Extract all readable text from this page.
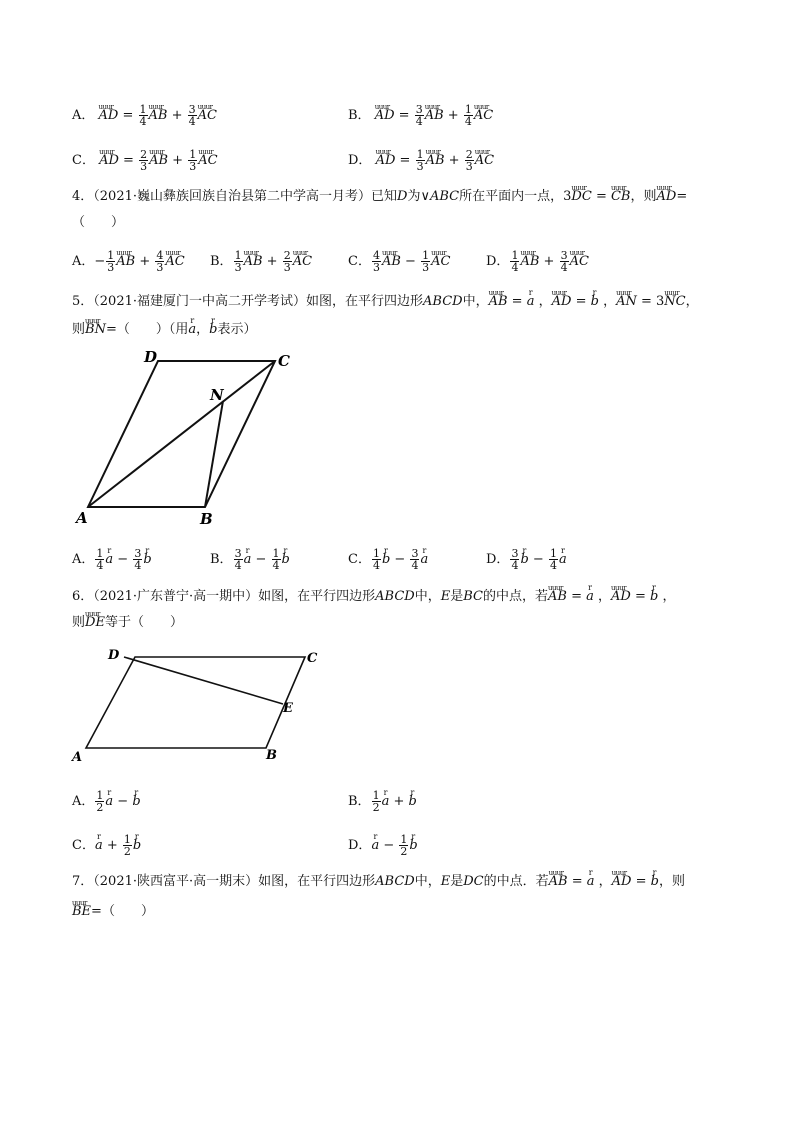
A． uuur AD = $\frac{1}{4}$ uuur AB + $\frac{3}{4}$ uuur AC	B． uuur AD = $\frac{3}{4}$ uuur AB + $\frac{1}{4}$ uuur AC
C． uuur AD = $\frac{2}{3}$ uuur AB + $\frac{1}{3}$ uuur AC	D． uuur AD = $\frac{1}{3}$ uuur AB + $\frac{2}{3}$ uuur AC
4．（2021·巍山彝族回族自治县第二中学高一月考）已知D为∨ABC所在平面内一点，3uuur DC = uuur CB，则uuur AD=
（　　）
A．− $\frac{1}{3}$ uuur AB + $\frac{4}{3}$ uuur AC B． $\frac{1}{3}$ uuur AB + $\frac{2}{3}$ uuur AC	C． $\frac{4}{3}$ uuur AB − $\frac{1}{3}$ uuur AC	D． $\frac{1}{4}$ uuur AB + $\frac{3}{4}$ uuur AC
5．（2021·福建厦门一中高二开学考试）如图，在平行四边形ABCD中，uuur AB = r a ，uuur AD = r b ，uuur AN = 3uuur NC，
则uuur BN=（　　）（用r a，r b表示）
A	B
C
D
N
A． $\frac{1}{4}$ r $a - \frac{3}{4}$ r b	B． $\frac{3}{4}$ r $a - \frac{1}{4}$ r b	C． $\frac{1}{4}$ r $b - \frac{3}{4}$ r a	D． $\frac{3}{4}$ r $b - \frac{1}{4}$ r a
6．（2021·广东普宁·高一期中）如图，在平行四边形ABCD中，E是BC的中点，若uuur AB = r a ，uuur AD = r b ，
则uuur DE等于（　　）
A	B
C
D
E
A． $\frac{1}{2}$ r a − r b	B． $\frac{1}{2}$ r a + r b
C．r $a + \frac{1}{2}$ r b	D．r $a - \frac{1}{2}$ r b
7．（2021·陕西富平·高一期末）如图，在平行四边形ABCD中，E是DC的中点．若uuur AB = r a ，uuur AD = r b，则
uuur BE=（　　）
